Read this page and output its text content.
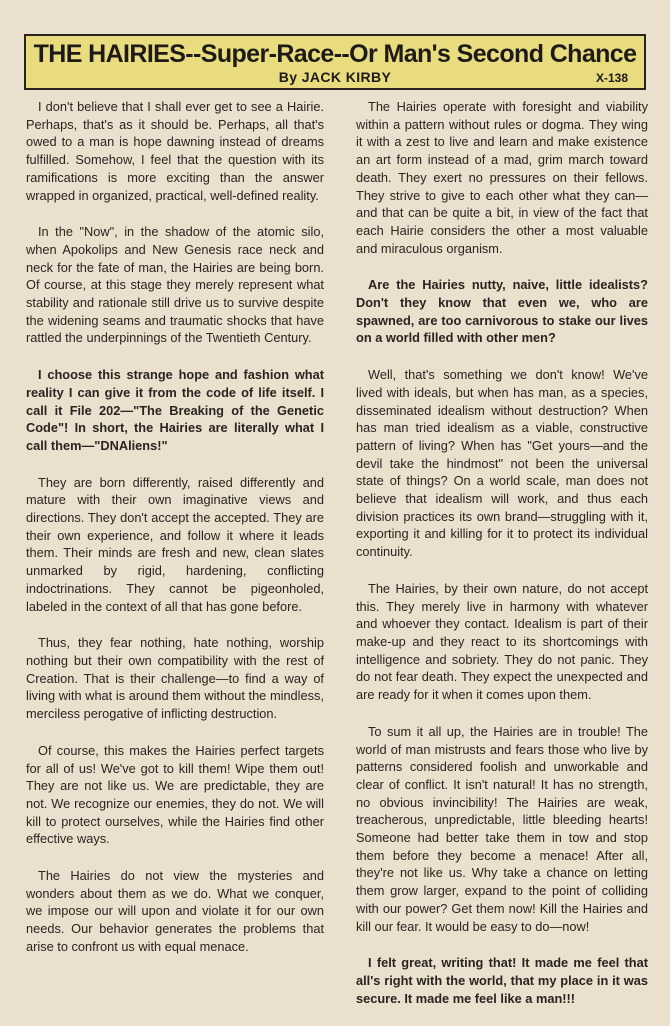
THE HAIRIES--Super-Race--Or Man's Second Chance
By JACK KIRBY	X-138

I don't believe that I shall ever get to see a Hairie. Perhaps, that's as it should be. Perhaps, all that's owed to a man is hope dawning instead of dreams fulfilled. Somehow, I feel that the question with its ramifications is more exciting than the answer wrapped in organized, practical, well-defined reality.

In the "Now", in the shadow of the atomic silo, when Apokolips and New Genesis race neck and neck for the fate of man, the Hairies are being born. Of course, at this stage they merely represent what stability and rationale still drive us to survive despite the widening seams and traumatic shocks that have rattled the underpinnings of the Twentieth Century.

I choose this strange hope and fashion what reality I can give it from the code of life itself. I call it File 202—"The Breaking of the Genetic Code"! In short, the Hairies are literally what I call them—"DNAliens!"

They are born differently, raised differently and mature with their own imaginative views and directions. They don't accept the accepted. They are their own experience, and follow it where it leads them. Their minds are fresh and new, clean slates unmarked by rigid, hardening, conflicting indoctrinations. They cannot be pigeonholed, labeled in the context of all that has gone before.

Thus, they fear nothing, hate nothing, worship nothing but their own compatibility with the rest of Creation. That is their challenge—to find a way of living with what is around them without the mindless, merciless perogative of inflicting destruction.

Of course, this makes the Hairies perfect targets for all of us! We've got to kill them! Wipe them out! They are not like us. We are predictable, they are not. We recognize our enemies, they do not. We will kill to protect ourselves, while the Hairies find other effective ways.

The Hairies do not view the mysteries and wonders about them as we do. What we conquer, we impose our will upon and violate it for our own needs. Our behavior generates the problems that arise to confront us with equal menace.

The Hairies operate with foresight and viability within a pattern without rules or dogma. They wing it with a zest to live and learn and make existence an art form instead of a mad, grim march toward death. They exert no pressures on their fellows. They strive to give to each other what they can—and that can be quite a bit, in view of the fact that each Hairie considers the other a most valuable and miraculous organism.

Are the Hairies nutty, naive, little idealists? Don't they know that even we, who are spawned, are too carnivorous to stake our lives on a world filled with other men?

Well, that's something we don't know! We've lived with ideals, but when has man, as a species, disseminated idealism without destruction? When has man tried idealism as a viable, constructive pattern of living? When has "Get yours—and the devil take the hindmost" not been the universal state of things? On a world scale, man does not believe that idealism will work, and thus each division practices its own brand—struggling with it, exporting it and killing for it to protect its individual continuity.

The Hairies, by their own nature, do not accept this. They merely live in harmony with whatever and whoever they contact. Idealism is part of their make-up and they react to its shortcomings with intelligence and sobriety. They do not panic. They do not fear death. They expect the unexpected and are ready for it when it comes upon them.

To sum it all up, the Hairies are in trouble! The world of man mistrusts and fears those who live by patterns considered foolish and unworkable and clear of conflict. It isn't natural! It has no strength, no obvious invincibility! The Hairies are weak, treacherous, unpredictable, little bleeding hearts! Someone had better take them in tow and stop them before they become a menace! After all, they're not like us. Why take a chance on letting them grow larger, expand to the point of colliding with our power? Get them now! Kill the Hairies and kill our fear. It would be easy to do—now!

I felt great, writing that! It made me feel that all's right with the world, that my place in it was secure. It made me feel like a man!!!
